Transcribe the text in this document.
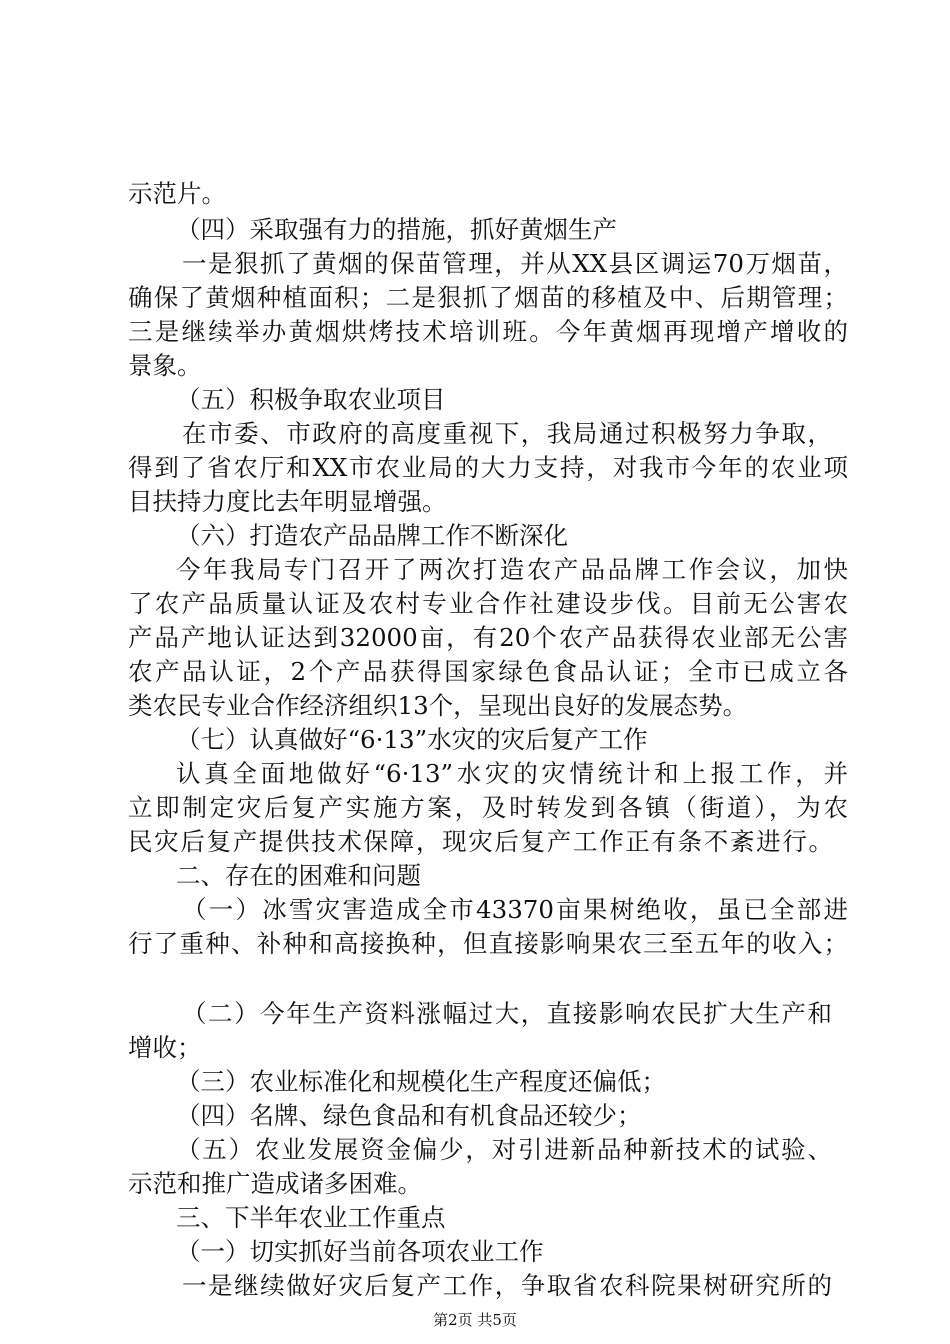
示范片。
（四）采取强有力的措施，抓好黄烟生产
一是狠抓了黄烟的保苗管理，并从XX县区调运70万烟苗，
确保了黄烟种植面积；二是狠抓了烟苗的移植及中、后期管理；
三是继续举办黄烟烘烤技术培训班。今年黄烟再现增产增收的
景象。
（五）积极争取农业项目
在市委、市政府的高度重视下，我局通过积极努力争取，
得到了省农厅和XX市农业局的大力支持，对我市今年的农业项
目扶持力度比去年明显增强。
（六）打造农产品品牌工作不断深化
今年我局专门召开了两次打造农产品品牌工作会议，加快
了农产品质量认证及农村专业合作社建设步伐。目前无公害农
产品产地认证达到32000亩，有20个农产品获得农业部无公害
农产品认证，2个产品获得国家绿色食品认证；全市已成立各
类农民专业合作经济组织13个，呈现出良好的发展态势。
（七）认真做好“6·13”水灾的灾后复产工作
认真全面地做好“6·13”水灾的灾情统计和上报工作，并
立即制定灾后复产实施方案，及时转发到各镇（街道），为农
民灾后复产提供技术保障，现灾后复产工作正有条不紊进行。
二、存在的困难和问题
（一）冰雪灾害造成全市43370亩果树绝收，虽已全部进
行了重种、补种和高接换种，但直接影响果农三至五年的收入；
（二）今年生产资料涨幅过大，直接影响农民扩大生产和
增收；
（三）农业标准化和规模化生产程度还偏低；
（四）名牌、绿色食品和有机食品还较少；
（五）农业发展资金偏少，对引进新品种新技术的试验、
示范和推广造成诸多困难。
三、下半年农业工作重点
（一）切实抓好当前各项农业工作
一是继续做好灾后复产工作，争取省农科院果树研究所的
第2页 共5页
